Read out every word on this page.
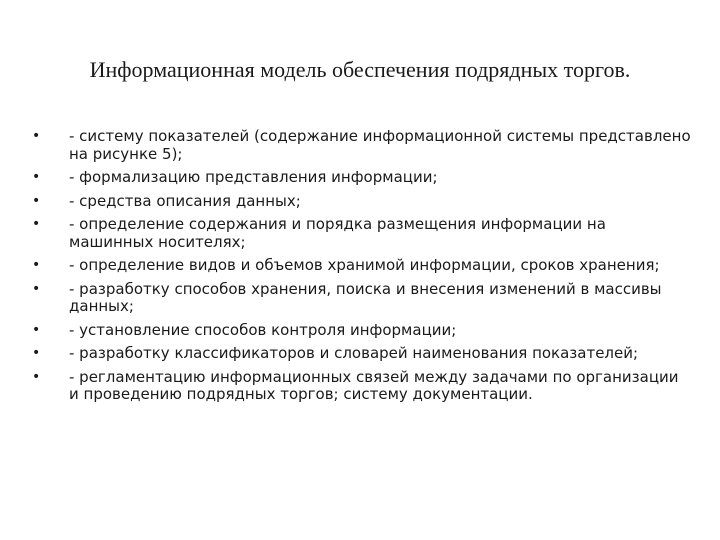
Информационная модель обеспечения подрядных торгов.
• - систему показателей (содержание информационной системы представлено на рисунке 5);
• - формализацию представления информации;
• - средства описания данных;
• - определение содержания и порядка размещения информации на машинных носителях;
• - определение видов и объемов хранимой информации, сроков хранения;
• - разработку способов хранения, поиска и внесения изменений в массивы данных;
• - установление способов контроля информации;
• - разработку классификаторов и словарей наименования показателей;
• - регламентацию информационных связей между задачами по организации и проведению подрядных торгов; систему документации.
